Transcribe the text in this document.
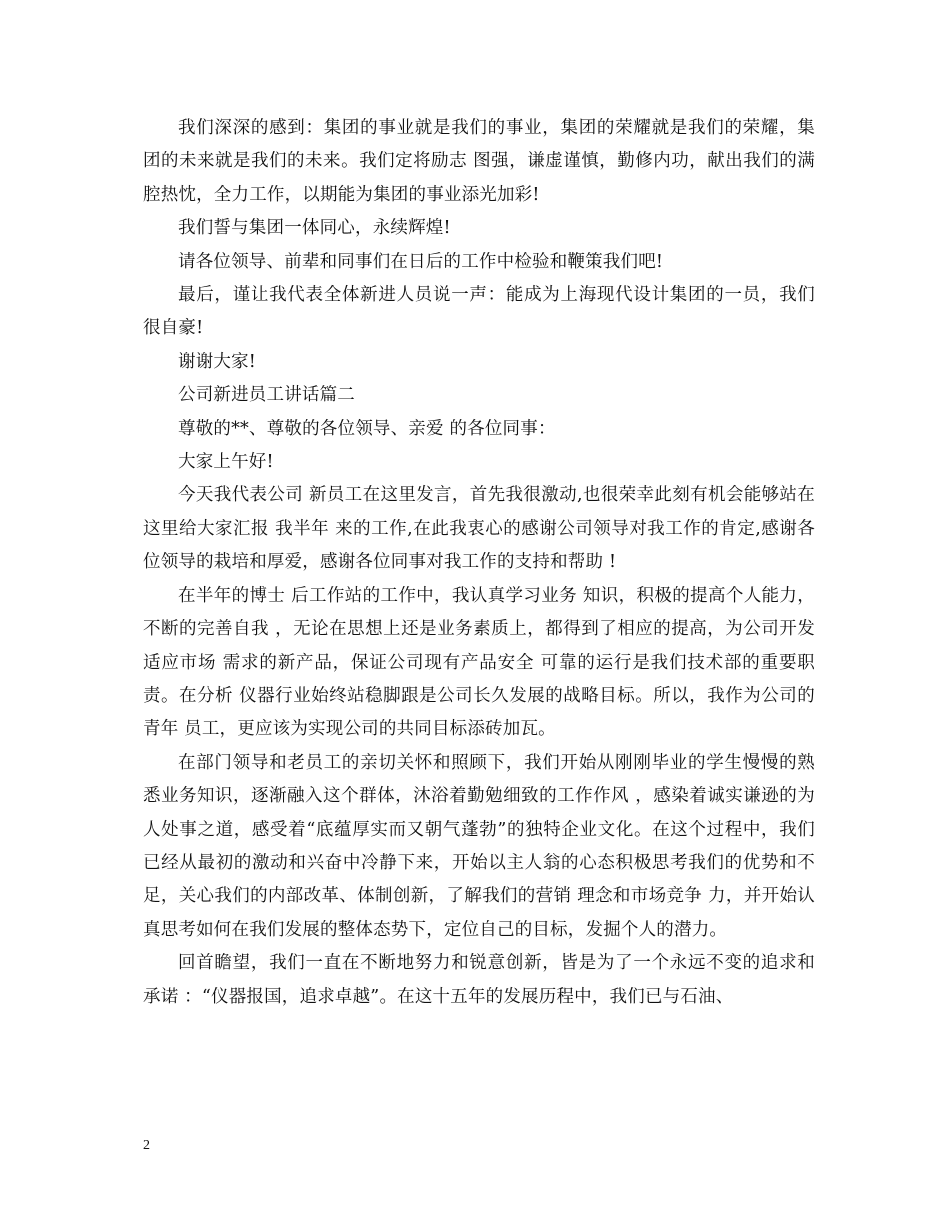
我们深深的感到：集团的事业就是我们的事业，集团的荣耀就是我们的荣耀，集团的未来就是我们的未来。我们定将励志 图强，谦虚谨慎，勤修内功，献出我们的满腔热忱，全力工作，以期能为集团的事业添光加彩!

我们誓与集团一体同心，永续辉煌!

请各位领导、前辈和同事们在日后的工作中检验和鞭策我们吧!

最后，谨让我代表全体新进人员说一声：能成为上海现代设计集团的一员，我们很自豪!

谢谢大家!

公司新进员工讲话篇二

尊敬的**、尊敬的各位领导、亲爱 的各位同事：

大家上午好!

今天我代表公司 新员工在这里发言，首先我很激动,也很荣幸此刻有机会能够站在这里给大家汇报 我半年 来的工作,在此我衷心的感谢公司领导对我工作的肯定,感谢各位领导的栽培和厚爱，感谢各位同事对我工作的支持和帮助 !

在半年的博士 后工作站的工作中，我认真学习业务 知识，积极的提高个人能力，不断的完善自我 ，无论在思想上还是业务素质上，都得到了相应的提高，为公司开发适应市场 需求的新产品，保证公司现有产品安全 可靠的运行是我们技术部的重要职责。在分析 仪器行业始终站稳脚跟是公司长久发展的战略目标。所以，我作为公司的青年 员工，更应该为实现公司的共同目标添砖加瓦。

在部门领导和老员工的亲切关怀和照顾下，我们开始从刚刚毕业的学生慢慢的熟悉业务知识，逐渐融入这个群体，沐浴着勤勉细致的工作作风 ，感染着诚实谦逊的为人处事之道，感受着“底蕴厚实而又朝气蓬勃”的独特企业文化。在这个过程中，我们已经从最初的激动和兴奋中冷静下来，开始以主人翁的心态积极思考我们的优势和不足，关心我们的内部改革、体制创新，了解我们的营销 理念和市场竞争 力，并开始认真思考如何在我们发展的整体态势下，定位自己的目标，发掘个人的潜力。

回首瞻望，我们一直在不断地努力和锐意创新，皆是为了一个永远不变的追求和承诺 ：“仪器报国，追求卓越”。在这十五年的发展历程中，我们已与石油、

2
